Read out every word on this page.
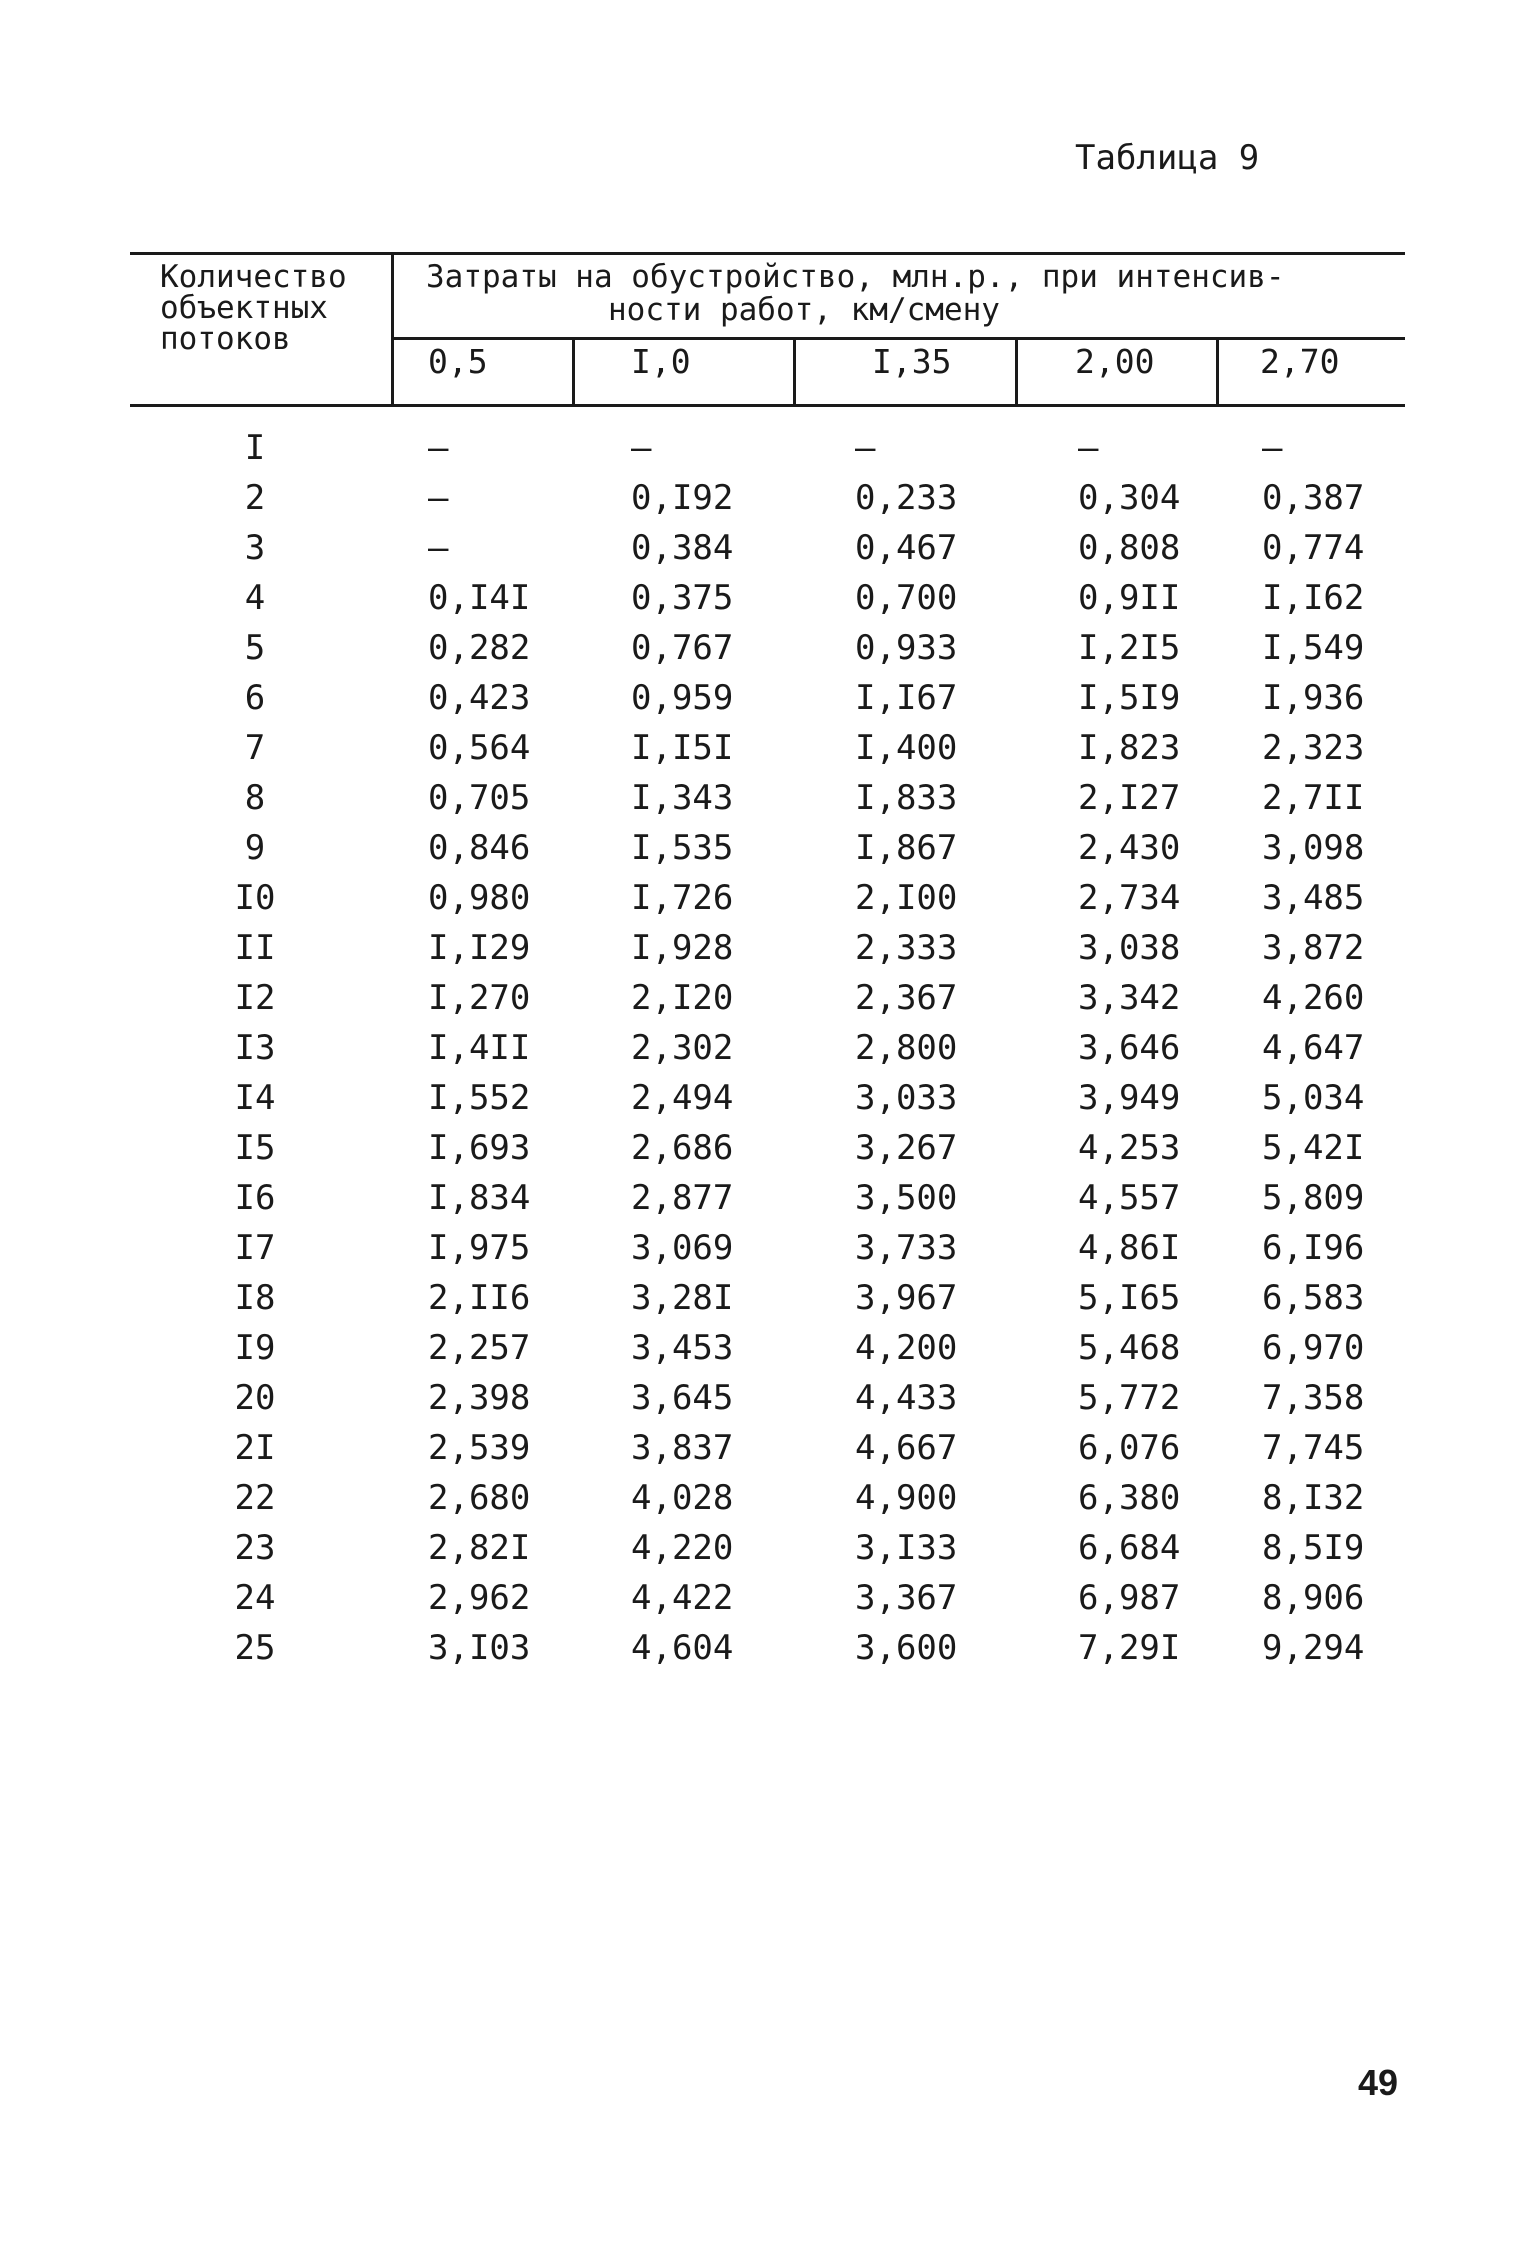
Таблица 9
Количество
объектных
потоков
Затраты на обустройство, млн.р., при интенсив-
ности работ, км/смену
0,5	I,0	I,35	2,00	2,70
I	–	–	–	–	–
2	–	0,I92	0,233	0,304 0,387
3	–	0,384	0,467	0,808 0,774
4	0,I4I	0,375	0,700	0,9II I,I62
5	0,282	0,767	0,933	I,2I5 I,549
6	0,423	0,959	I,I67	I,5I9 I,936
7	0,564	I,I5I	I,400	I,823 2,323
8	0,705	I,343	I,833	2,I27 2,7II
9	0,846	I,535	I,867	2,430 3,098
I0	0,980	I,726	2,I00	2,734 3,485
II	I,I29	I,928	2,333	3,038 3,872
I2	I,270	2,I20	2,367	3,342 4,260
I3	I,4II	2,302	2,800	3,646 4,647
I4	I,552	2,494	3,033	3,949 5,034
I5	I,693	2,686	3,267	4,253 5,42I
I6	I,834	2,877	3,500	4,557 5,809
I7	I,975	3,069	3,733	4,86I 6,I96
I8	2,II6	3,28I	3,967	5,I65 6,583
I9	2,257	3,453	4,200	5,468 6,970
20	2,398	3,645	4,433	5,772 7,358
2I	2,539	3,837	4,667	6,076 7,745
22	2,680	4,028	4,900	6,380 8,I32
23	2,82I	4,220	3,I33	6,684 8,5I9
24	2,962	4,422	3,367	6,987 8,906
25	3,I03	4,604	3,600	7,29I 9,294
49
